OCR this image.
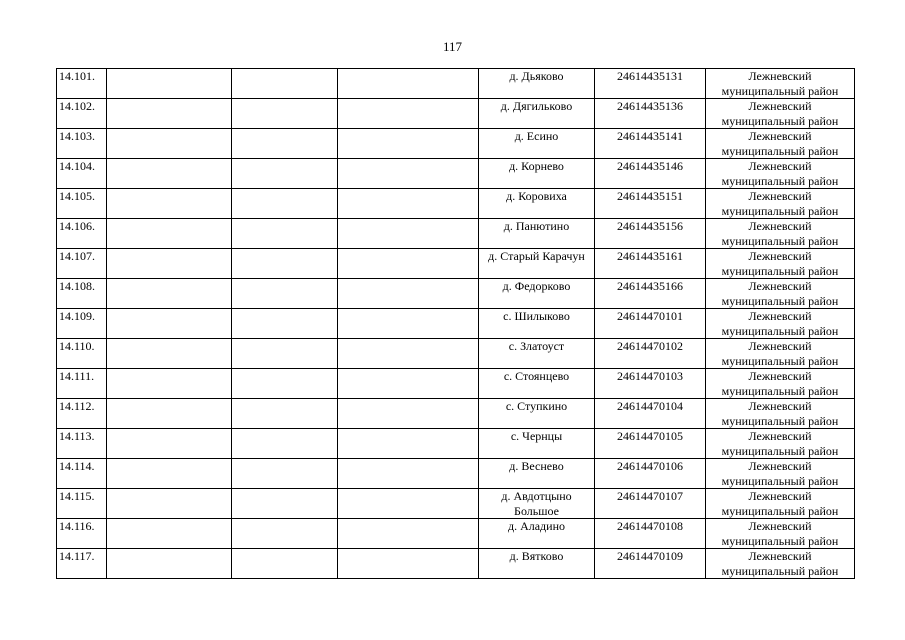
117
14.101.				д. Дьяково	24614435131	Лежневский муниципальный район
14.102.				д. Дягильково	24614435136	Лежневский муниципальный район
14.103.				д. Есино	24614435141	Лежневский муниципальный район
14.104.				д. Корнево	24614435146	Лежневский муниципальный район
14.105.				д. Коровиха	24614435151	Лежневский муниципальный район
14.106.				д. Панютино	24614435156	Лежневский муниципальный район
14.107.				д. Старый Карачун	24614435161	Лежневский муниципальный район
14.108.				д. Федорково	24614435166	Лежневский муниципальный район
14.109.				с. Шилыково	24614470101	Лежневский муниципальный район
14.110.				с. Златоуст	24614470102	Лежневский муниципальный район
14.111.				с. Стоянцево	24614470103	Лежневский муниципальный район
14.112.				с. Ступкино	24614470104	Лежневский муниципальный район
14.113.				с. Чернцы	24614470105	Лежневский муниципальный район
14.114.				д. Веснево	24614470106	Лежневский муниципальный район
14.115.				д. Авдотцыно Большое	24614470107	Лежневский муниципальный район
14.116.				д. Аладино	24614470108	Лежневский муниципальный район
14.117.				д. Вятково	24614470109	Лежневский муниципальный район
